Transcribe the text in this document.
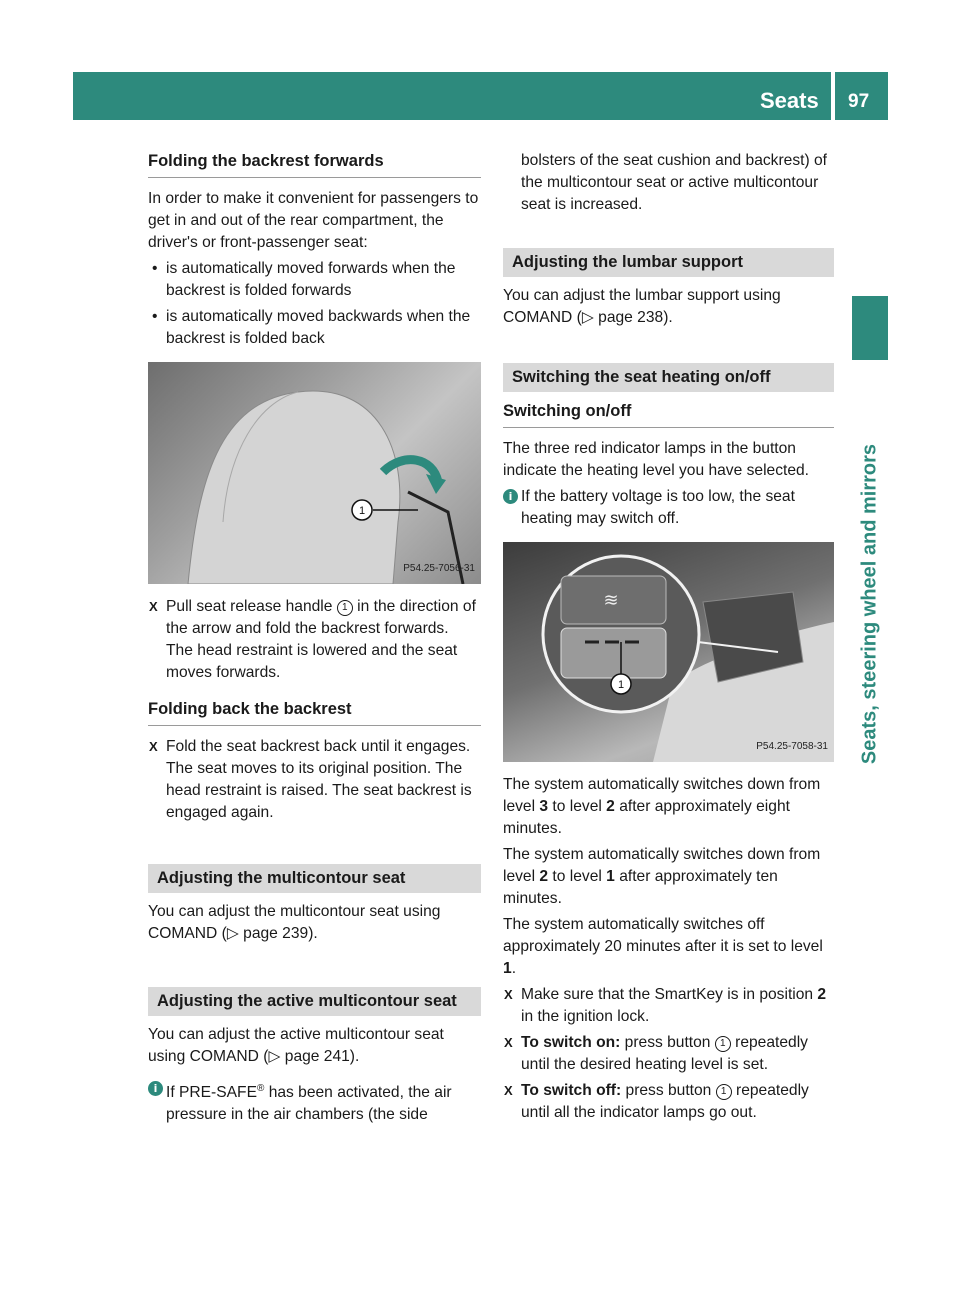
Seats 97
Seats, steering wheel and mirrors
Folding the backrest forwards

In order to make it convenient for passengers to get in and out of the rear compartment, the driver's or front-passenger seat:

• is automatically moved forwards when the backrest is folded forwards
• is automatically moved backwards when the backrest is folded back
1
P54.25-7056-31
X Pull seat release handle 1 in the direction of the arrow and fold the backrest forwards.
The head restraint is lowered and the seat moves forwards.
Folding back the backrest
X Fold the seat backrest back until it engages.
The seat moves to its original position. The head restraint is raised. The seat backrest is engaged again.
Adjusting the multicontour seat

You can adjust the multicontour seat using COMAND (▷ page 239).

Adjusting the active multicontour seat

You can adjust the active multicontour seat using COMAND (▷ page 241).

i If PRE-SAFE® has been activated, the air pressure in the air chambers (the side

bolsters of the seat cushion and backrest) of the multicontour seat or active multicontour seat is increased.

Adjusting the lumbar support

You can adjust the lumbar support using COMAND (▷ page 238).

Switching the seat heating on/off
Switching on/off

The three red indicator lamps in the button indicate the heating level you have selected.

i If the battery voltage is too low, the seat heating may switch off.
≋
1
P54.25-7058-31

The system automatically switches down from level 3 to level 2 after approximately eight minutes.

The system automatically switches down from level 2 to level 1 after approximately ten minutes.

The system automatically switches off approximately 20 minutes after it is set to level 1.

X Make sure that the SmartKey is in position 2 in the ignition lock.
X To switch on: press button 1 repeatedly until the desired heating level is set.
X To switch off: press button 1 repeatedly until all the indicator lamps go out.
